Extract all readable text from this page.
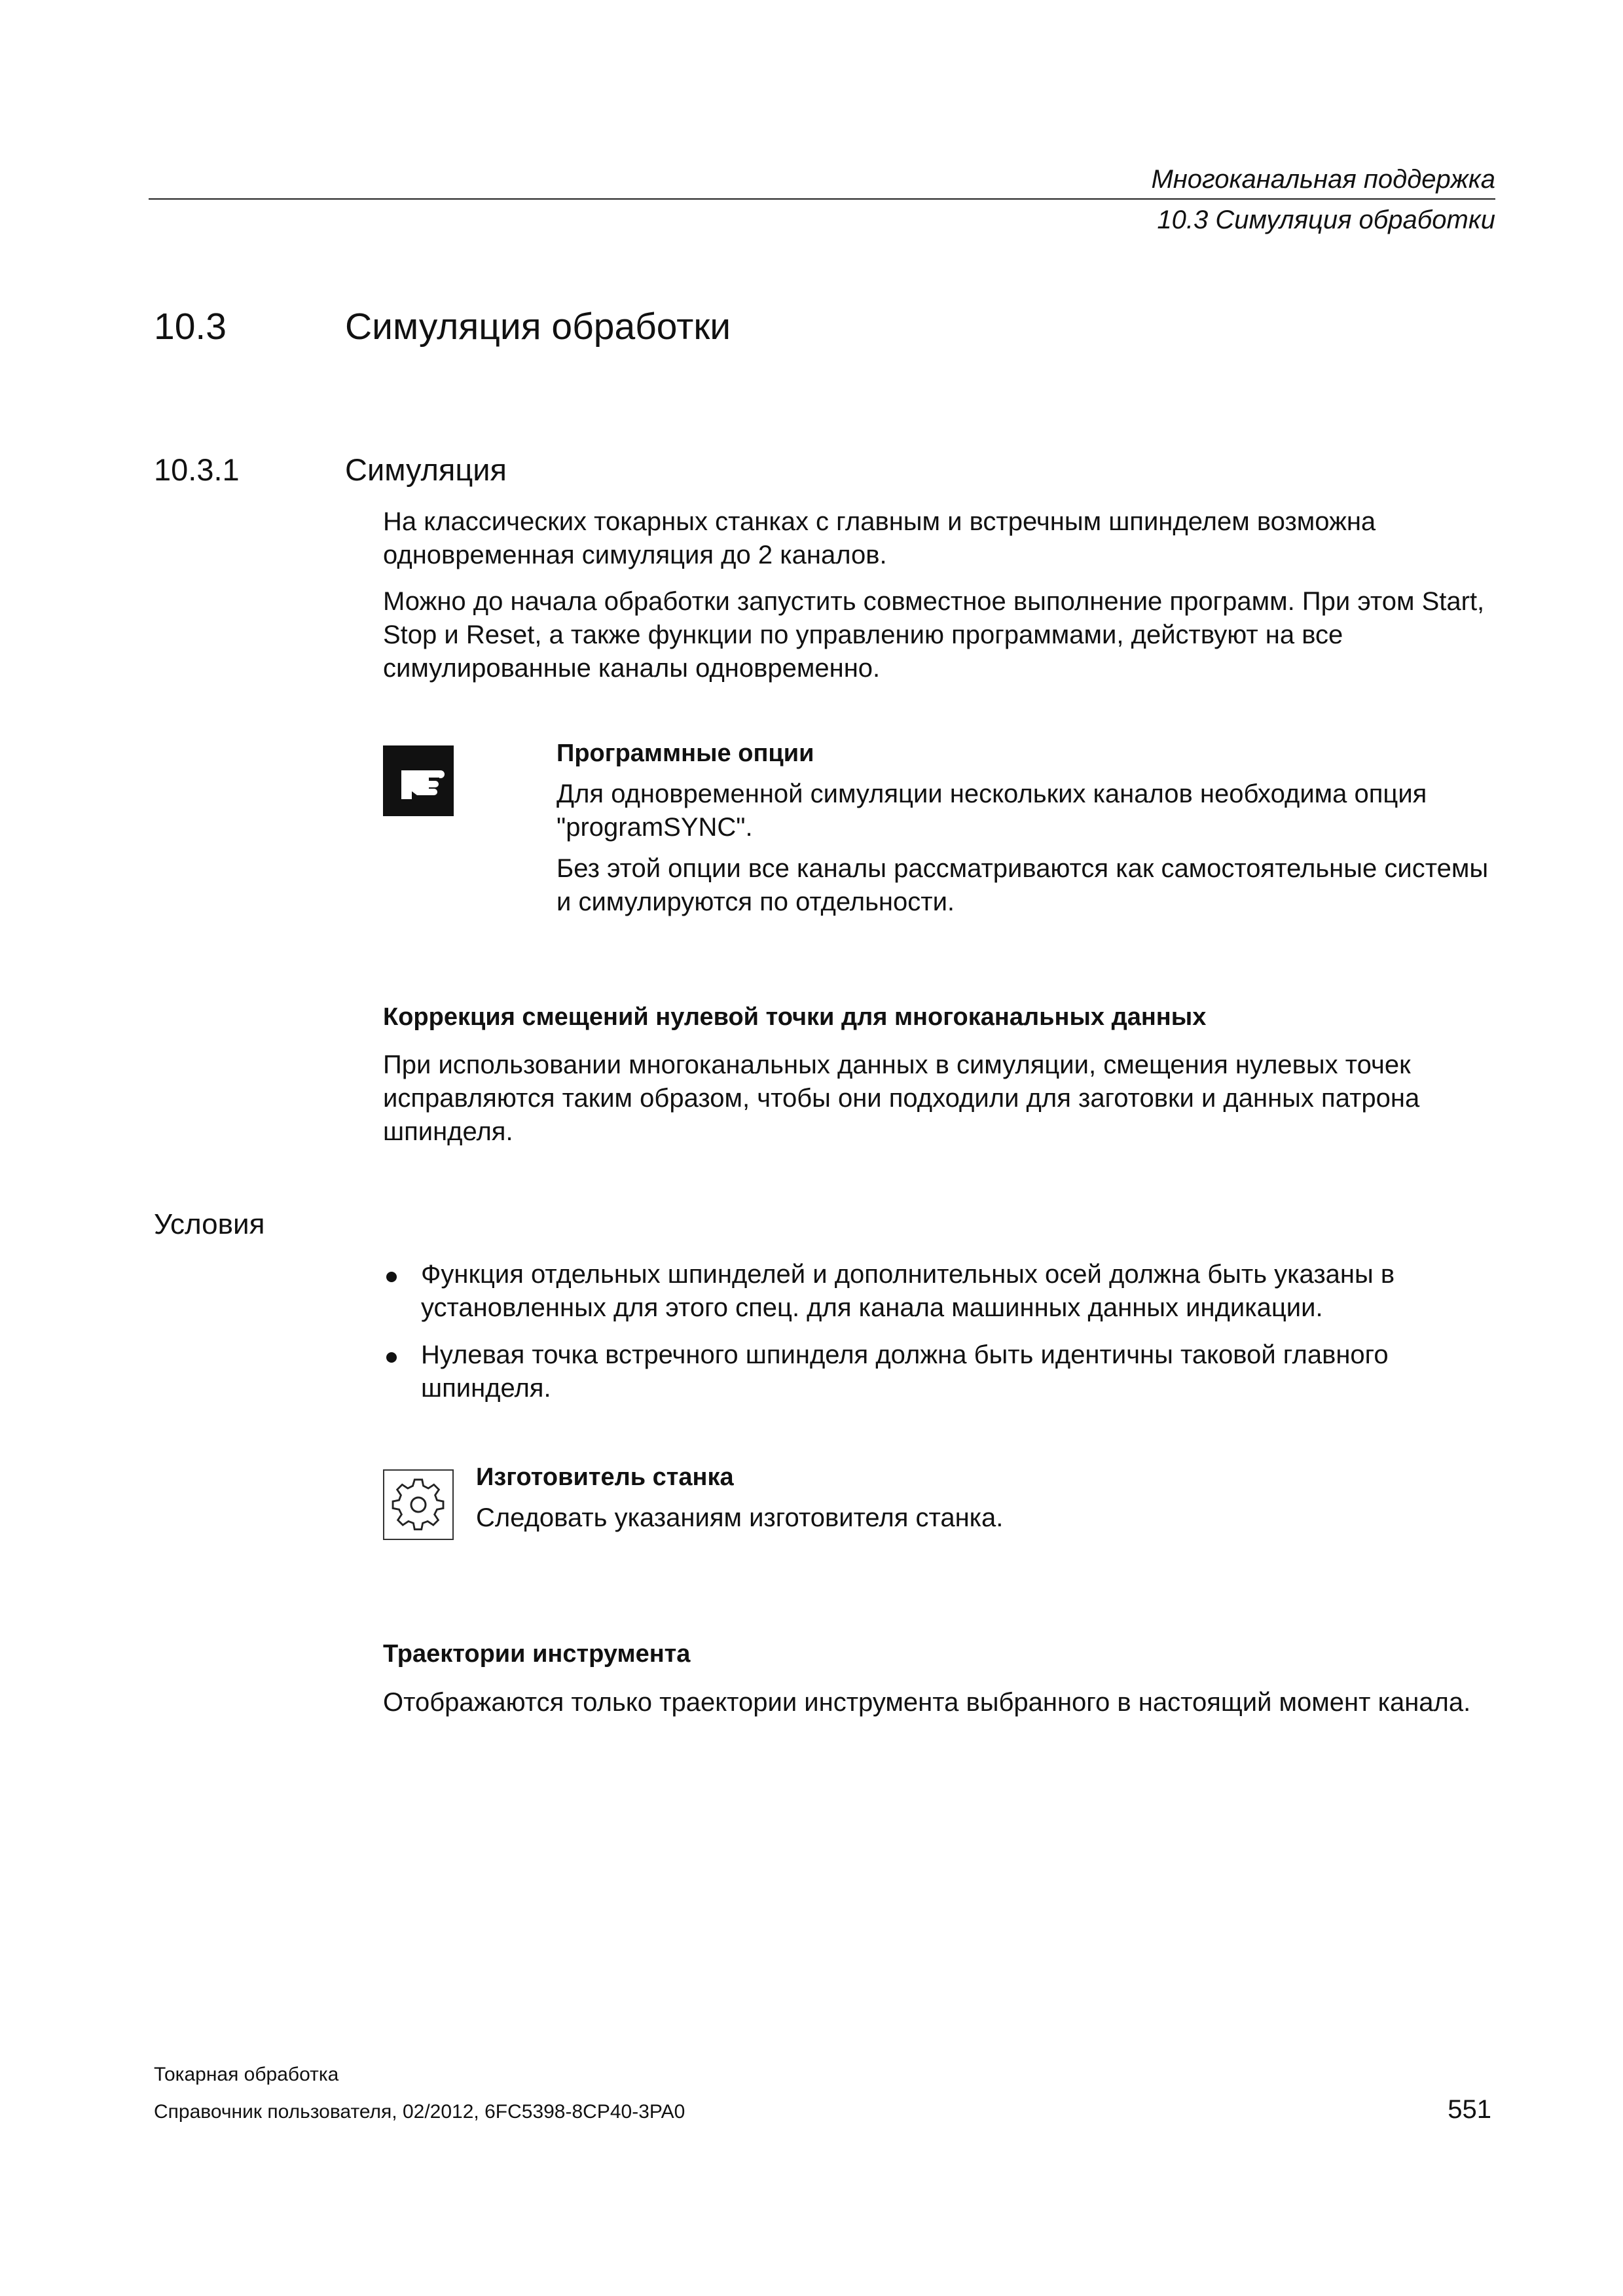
Многоканальная поддержка
10.3 Симуляция обработки
10.3	Симуляция обработки
10.3.1	Симуляция
На классических токарных станках с главным и встречным шпинделем возможна одновременная симуляция до 2 каналов.
Можно до начала обработки запустить совместное выполнение программ. При этом Start, Stop и Reset, а также функции по управлению программами, действуют на все симулированные каналы одновременно.
Программные опции
Для одновременной симуляции нескольких каналов необходима опция "programSYNC".
Без этой опции все каналы рассматриваются как самостоятельные системы и симулируются по отдельности.
Коррекция смещений нулевой точки для многоканальных данных
При использовании многоканальных данных в симуляции, смещения нулевых точек исправляются таким образом, чтобы они подходили для заготовки и данных патрона шпинделя.
Условия
Функция отдельных шпинделей и дополнительных осей должна быть указаны в установленных для этого спец. для канала машинных данных индикации.
Нулевая точка встречного шпинделя должна быть идентичны таковой главного шпинделя.
Изготовитель станка
Следовать указаниям изготовителя станка.
Траектории инструмента
Отображаются только траектории инструмента выбранного в настоящий момент канала.
Токарная обработка
Справочник пользователя, 02/2012, 6FC5398-8CP40-3PA0	551
